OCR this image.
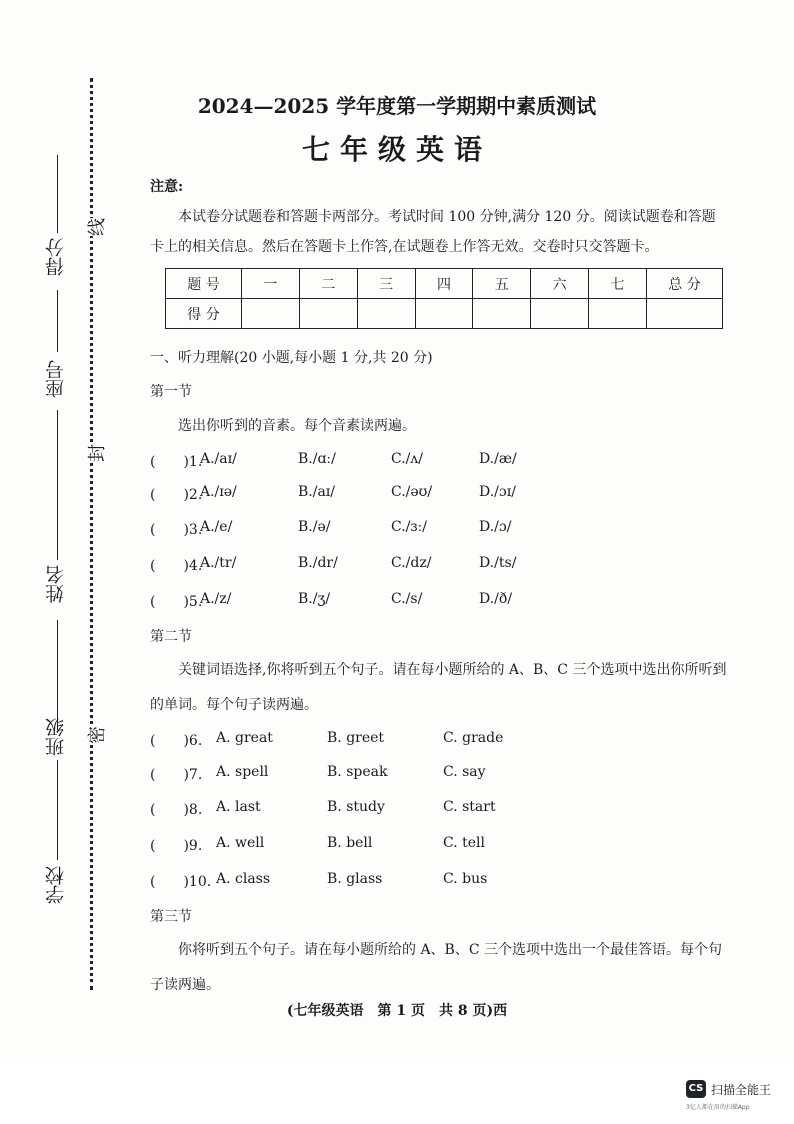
线
封
密
得分
座号
姓名
班级
学校
2024—2025 学年度第一学期期中素质测试
七年级英语
注意:
本试卷分试题卷和答题卡两部分。考试时间 100 分钟,满分 120 分。阅读试题卷和答题
卡上的相关信息。然后在答题卡上作答,在试题卷上作答无效。交卷时只交答题卡。
题 号	一	二	三	四	五	六	七	总 分
得 分								
一、听力理解(20 小题,每小题 1 分,共 20 分)
第一节
选出你听到的音素。每个音素读两遍。
(　　)1.
A./aɪ/	B./ɑː/	C./ʌ/	D./æ/
(　　)2.
A./ɪə/	B./aɪ/	C./əʊ/	D./ɔɪ/
(　　)3.
A./e/	B./ə/	C./ɜː/	D./ɔ/
(　　)4.
A./tr/	B./dr/	C./dz/	D./ts/
(　　)5.
A./z/	B./ʒ/	C./s/	D./ð/
第二节
关键词语选择,你将听到五个句子。请在每小题所给的 A、B、C 三个选项中选出你所听到
的单词。每个句子读两遍。
(　　)6. A. great	B. greet	C. grade
(　　)7. A. spell	B. speak	C. say
(　　)8. A. last	B. study	C. start
(　　)9. A. well	B. bell	C. tell
(　　)10. A. class	B. glass	C. bus
第三节
你将听到五个句子。请在每小题所给的 A、B、C 三个选项中选出一个最佳答语。每个句
子读两遍。
(七年级英语　第 1 页　共 8 页)西
CS 扫描全能王
3亿人都在用的扫描App
